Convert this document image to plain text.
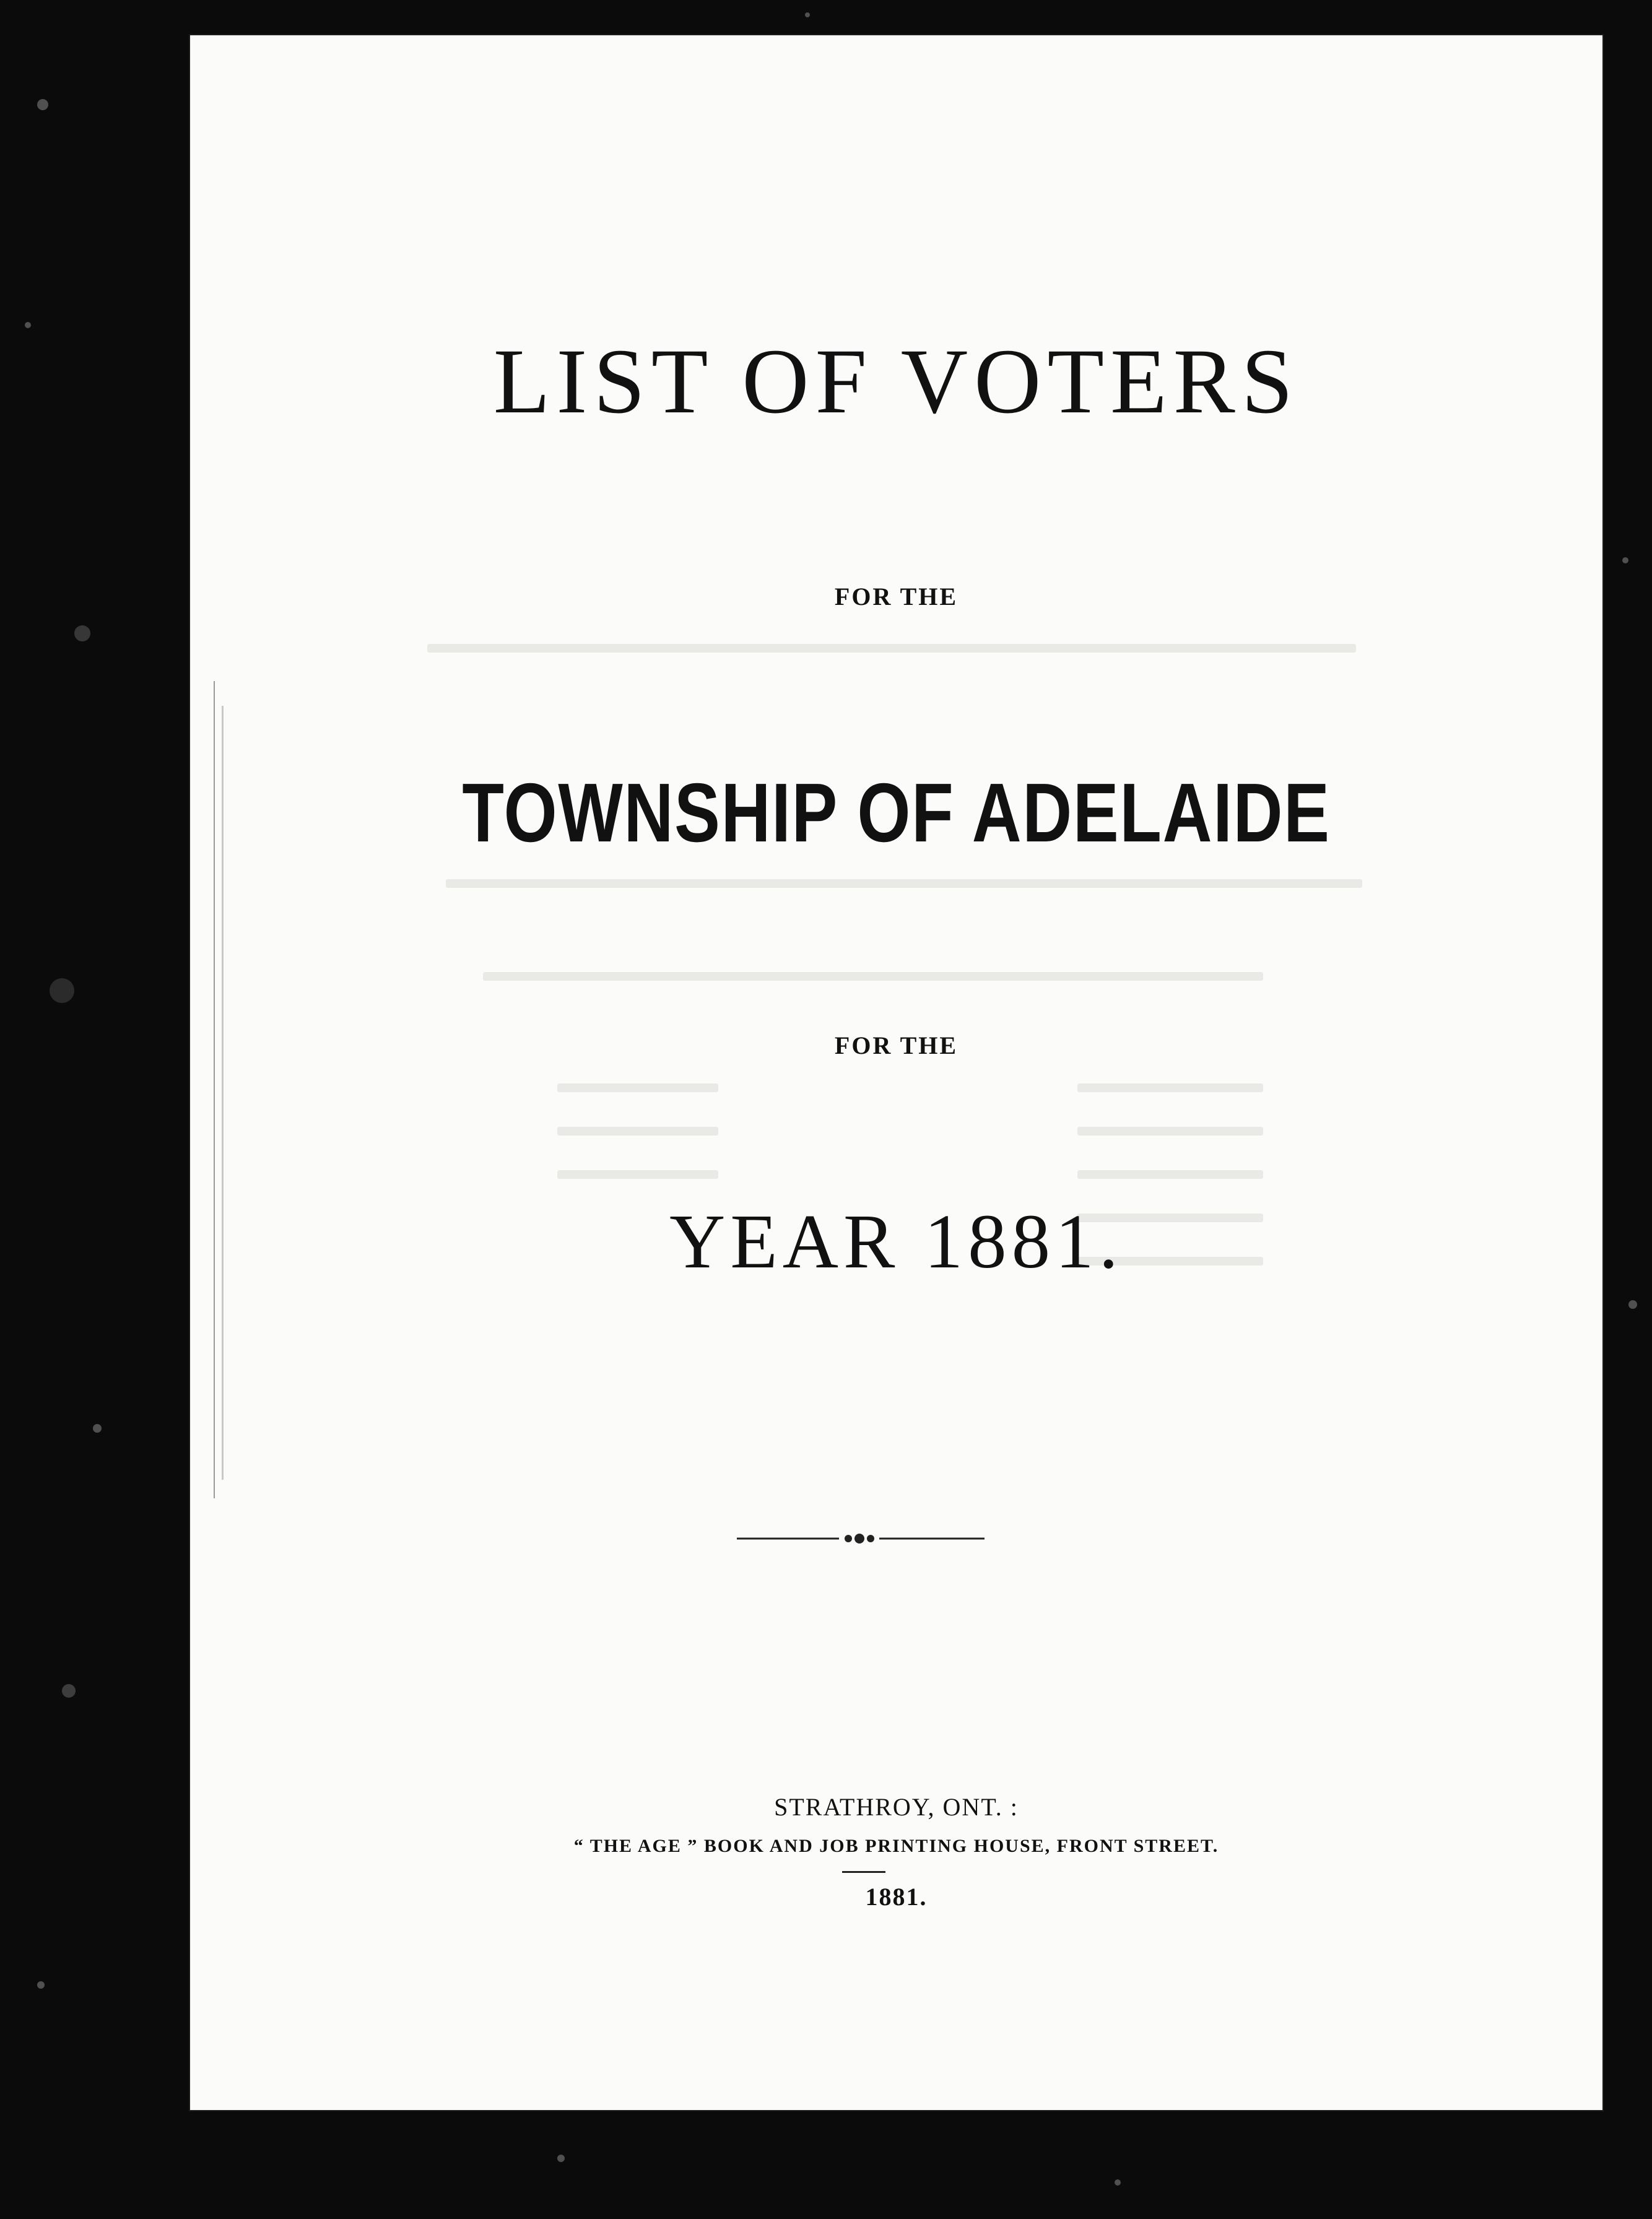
LIST OF VOTERS
FOR THE
TOWNSHIP OF ADELAIDE
FOR THE
YEAR 1881.
STRATHROY, ONT. :
“ THE AGE ” BOOK AND JOB PRINTING HOUSE, FRONT STREET.
1881.
